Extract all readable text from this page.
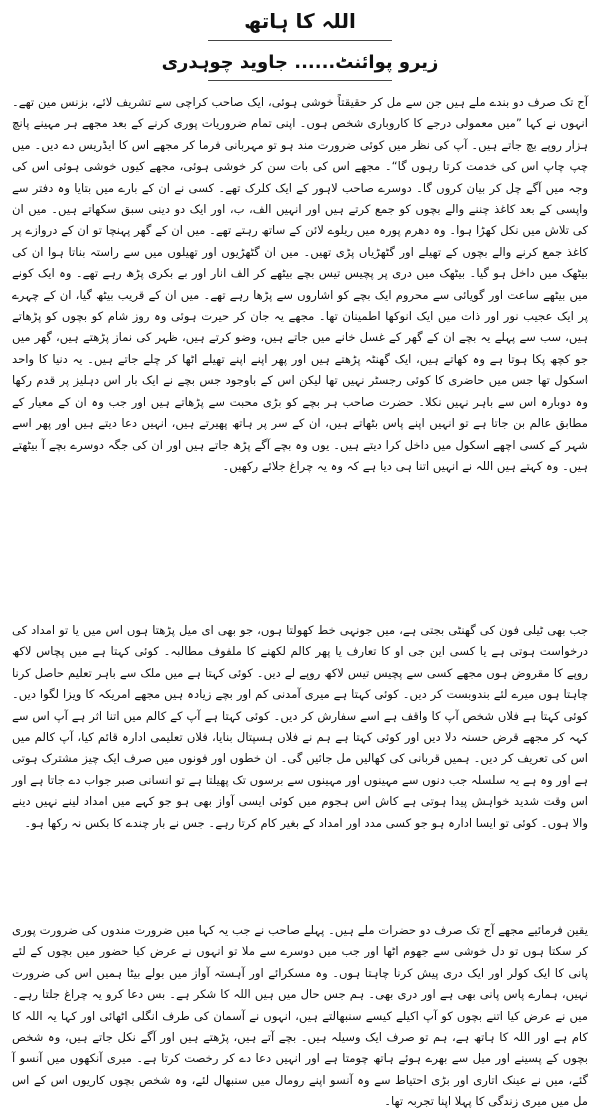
اللہ کا ہاتھ
زیرو پوائنٹ...... جاوید چوہدری

آج تک صرف دو بندے ملے ہیں جن سے مل کر حقیقتاً خوشی ہوئی، ایک صاحب کراچی سے تشریف لائے، بزنس مین تھے۔ انہوں نے کہا ”میں معمولی درجے کا کاروباری شخص ہوں۔ اپنی تمام ضروریات پوری کرنے کے بعد مجھے ہر مہینے پانچ ہزار روپے بچ جاتے ہیں۔ آپ کی نظر میں کوئی ضرورت مند ہو تو مہربانی فرما کر مجھے اس کا ایڈریس دے دیں۔ میں چپ چاپ اس کی خدمت کرتا رہوں گا“۔ مجھے اس کی بات سن کر خوشی ہوئی، مجھے کیوں خوشی ہوئی اس کی وجہ میں آگے چل کر بیان کروں گا۔ دوسرے صاحب لاہور کے ایک کلرک تھے۔ کسی نے ان کے بارے میں بتایا وہ دفتر سے واپسی کے بعد کاغذ چننے والے بچوں کو جمع کرتے ہیں اور انہیں الف، ب، اور ایک دو دینی سبق سکھاتے ہیں۔ میں ان کی تلاش میں نکل کھڑا ہوا۔ وہ دھرم پورہ میں ریلوے لائن کے ساتھ رہتے تھے۔ میں ان کے گھر پہنچا تو ان کے دروازے پر کاغذ جمع کرنے والے بچوں کے تھیلے اور گٹھڑیاں پڑی تھیں۔ میں ان گٹھڑیوں اور تھیلوں میں سے راستہ بناتا ہوا ان کی بیٹھک میں داخل ہو گیا۔ بیٹھک میں دری پر پچیس تیس بچے بیٹھے کر الف انار اور بے بکری پڑھ رہے تھے۔ وہ ایک کونے میں بیٹھے ساعت اور گویائی سے محروم ایک بچے کو اشاروں سے پڑھا رہے تھے۔ میں ان کے قریب بیٹھ گیا، ان کے چہرے پر ایک عجیب نور اور ذات میں ایک انوکھا اطمینان تھا۔ مجھے یہ جان کر حیرت ہوئی وہ روز شام کو بچوں کو پڑھاتے ہیں، سب سے پہلے یہ بچے ان کے گھر کے غسل خانے میں جاتے ہیں، وضو کرتے ہیں، ظہر کی نماز پڑھتے ہیں، گھر میں جو کچھ پکا ہوتا ہے وہ کھاتے ہیں، ایک گھنٹہ پڑھتے ہیں اور پھر اپنے اپنے تھیلے اٹھا کر چلے جاتے ہیں۔ یہ دنیا کا واحد اسکول تھا جس میں حاضری کا کوئی رجسٹر نہیں تھا لیکن اس کے باوجود جس بچے نے ایک بار اس دہلیز پر قدم رکھا وہ دوبارہ اس سے باہر نہیں نکلا۔ حضرت صاحب ہر بچے کو بڑی محبت سے پڑھاتے ہیں اور جب وہ ان کے معیار کے مطابق عالم بن جاتا ہے تو انہیں اپنے پاس بٹھاتے ہیں، ان کے سر پر ہاتھ پھیرتے ہیں، انہیں دعا دیتے ہیں اور پھر اسے شہر کے کسی اچھے اسکول میں داخل کرا دیتے ہیں۔ یوں وہ بچے آگے پڑھ جاتے ہیں اور ان کی جگہ دوسرے بچے آ بیٹھتے ہیں۔ وہ کہتے ہیں اللہ نے انہیں اتنا ہی دیا ہے کہ وہ یہ چراغ جلائے رکھیں۔

جب بھی ٹیلی فون کی گھنٹی بجتی ہے، میں جونہی خط کھولتا ہوں، جو بھی ای میل پڑھتا ہوں اس میں یا تو امداد کی درخواست ہوتی ہے یا کسی این جی او کا تعارف یا پھر کالم لکھنے کا ملفوف مطالبہ۔ کوئی کہتا ہے میں پچاس لاکھ روپے کا مقروض ہوں مجھے کسی سے پچیس تیس لاکھ روپے لے دیں۔ کوئی کہتا ہے میں ملک سے باہر تعلیم حاصل کرنا چاہتا ہوں میرے لئے بندوبست کر دیں۔ کوئی کہتا ہے میری آمدنی کم اور بچے زیادہ ہیں مجھے امریکہ کا ویزا لگوا دیں۔ کوئی کہتا ہے فلاں شخص آپ کا واقف ہے اسے سفارش کر دیں۔ کوئی کہتا ہے آپ کے کالم میں اتنا اثر ہے آپ اس سے کہہ کر مجھے قرض حسنہ دلا دیں اور کوئی کہتا ہے ہم نے فلاں ہسپتال بنایا، فلاں تعلیمی ادارہ قائم کیا، آپ کالم میں اس کی تعریف کر دیں۔ ہمیں قربانی کی کھالیں مل جائیں گی۔ ان خطوں اور فونوں میں صرف ایک چیز مشترک ہوتی ہے اور وہ ہے یہ سلسلہ جب دنوں سے مہینوں اور مہینوں سے برسوں تک پھیلتا ہے تو انسانی صبر جواب دے جاتا ہے اور اس وقت شدید خواہش پیدا ہوتی ہے کاش اس ہجوم میں کوئی ایسی آواز بھی ہو جو کہے میں امداد لینے نہیں دینے والا ہوں۔ کوئی تو ایسا ادارہ ہو جو کسی مدد اور امداد کے بغیر کام کرتا رہے۔ جس نے بار چندے کا بکس نہ رکھا ہو۔

یقین فرمائیے مجھے آج تک صرف دو حضرات ملے ہیں۔ پہلے صاحب نے جب یہ کہا میں ضرورت مندوں کی ضرورت پوری کر سکتا ہوں تو دل خوشی سے جھوم اٹھا اور جب میں دوسرے سے ملا تو انہوں نے عرض کیا حضور میں بچوں کے لئے پانی کا ایک کولر اور ایک دری پیش کرنا چاہتا ہوں۔ وہ مسکرائے اور آہستہ آواز میں بولے بیٹا ہمیں اس کی ضرورت نہیں، ہمارے پاس پانی بھی ہے اور دری بھی۔ ہم جس حال میں ہیں اللہ کا شکر ہے۔ بس دعا کرو یہ چراغ جلتا رہے۔ میں نے عرض کیا اتنے بچوں کو آپ اکیلے کیسے سنبھالتے ہیں، انہوں نے آسمان کی طرف انگلی اٹھائی اور کہا یہ اللہ کا کام ہے اور اللہ کا ہاتھ ہے، ہم تو صرف ایک وسیلہ ہیں۔ بچے آتے ہیں، پڑھتے ہیں اور آگے نکل جاتے ہیں، وہ شخص بچوں کے پسینے اور میل سے بھرے ہوئے ہاتھ چومتا ہے اور انہیں دعا دے کر رخصت کرتا ہے۔ میری آنکھوں میں آنسو آ گئے، میں نے عینک اتاری اور بڑی احتیاط سے وہ آنسو اپنے رومال میں سنبھال لئے، وہ شخص بچوں کاریوں اس کے اس مل میں میری زندگی کا پہلا اپنا تجربہ تھا۔
